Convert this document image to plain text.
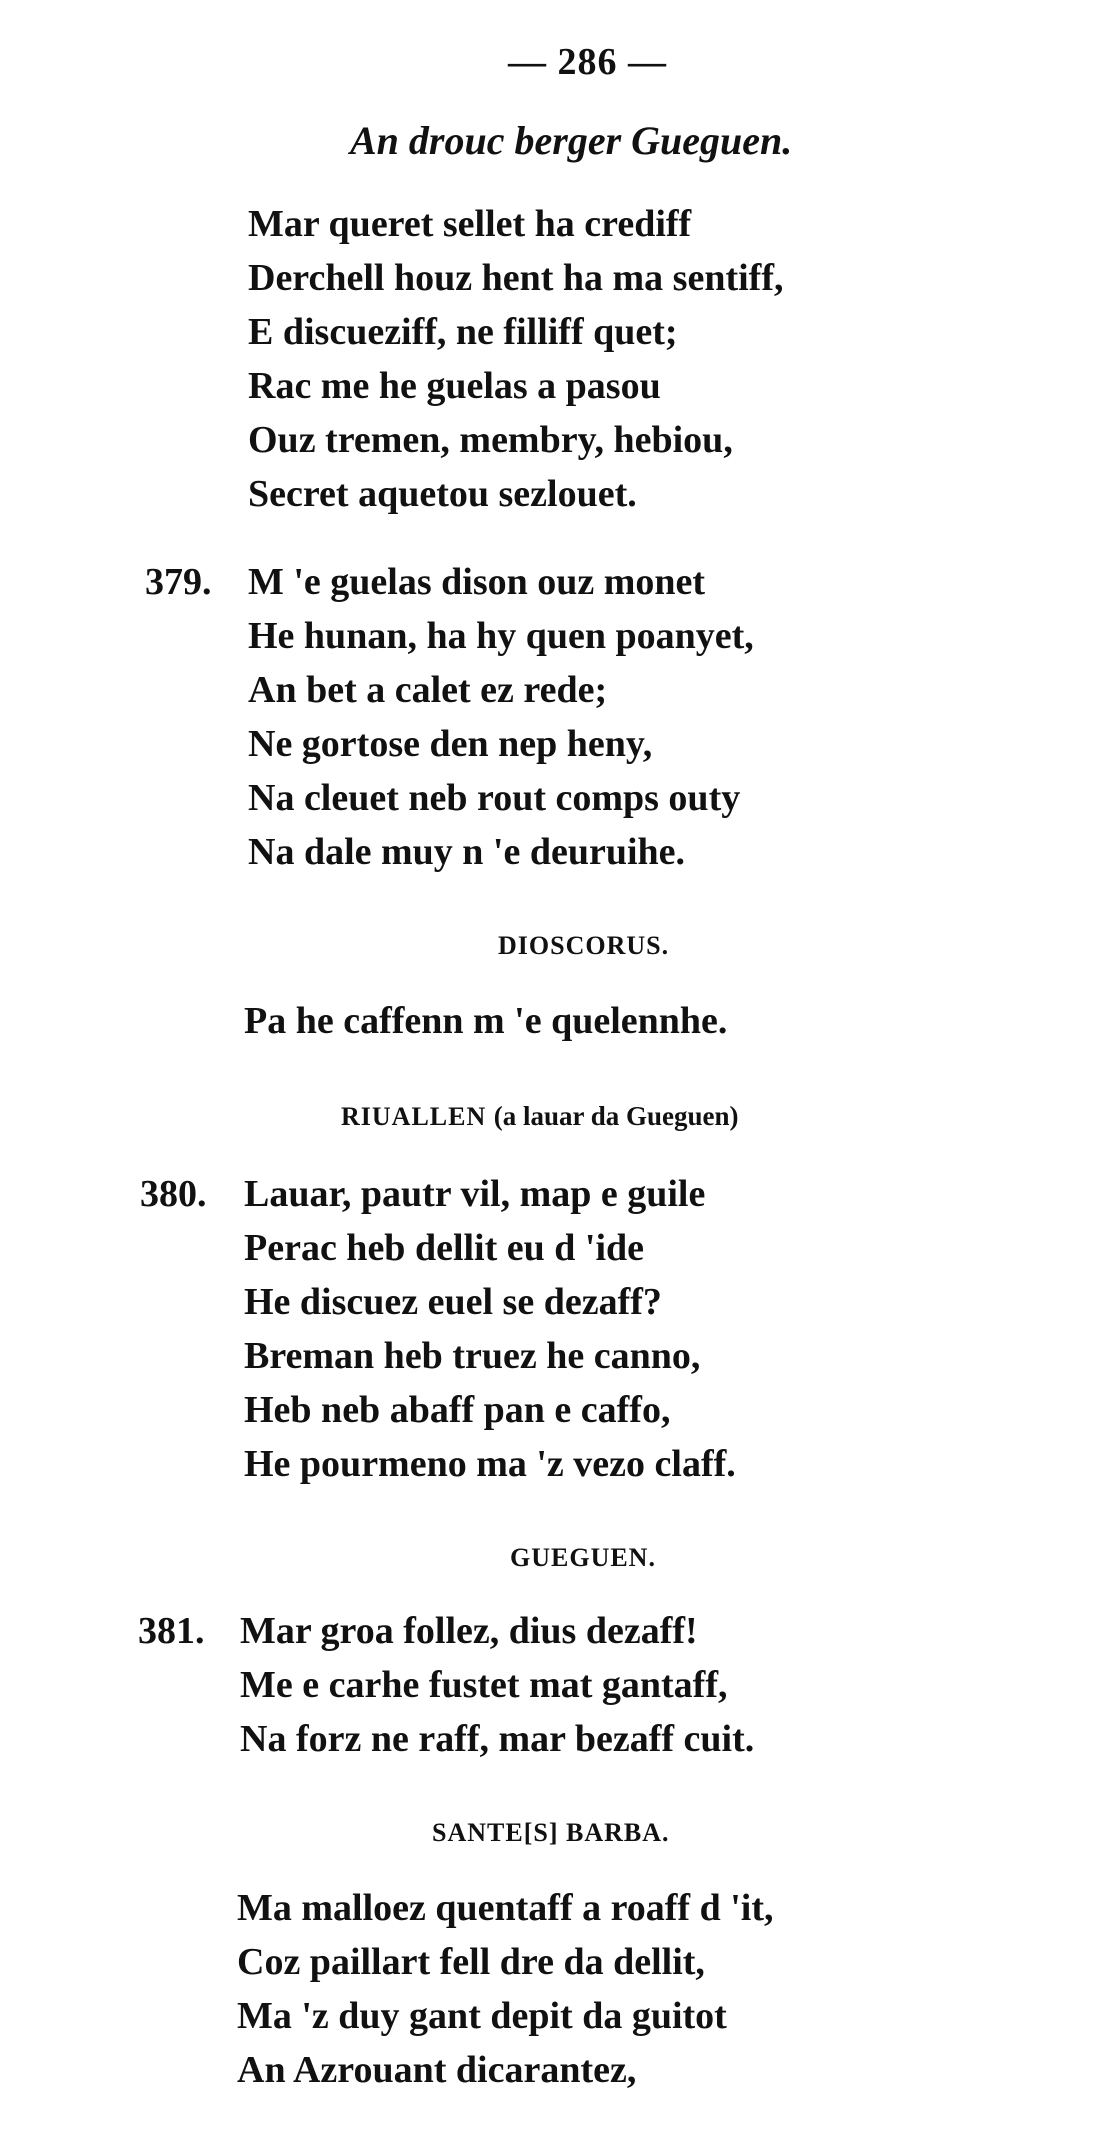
— 286 —
An drouc berger Gueguen.
Mar queret sellet ha crediff
Derchell houz hent ha ma sentiff,
E discueziff, ne filliff quet;
Rac me he guelas a pasou
Ouz tremen, membry, hebiou,
Secret aquetou sezlouet.
379. M 'e guelas dison ouz monet
He hunan, ha hy quen poanyet,
An bet a calet ez rede;
Ne gortose den nep heny,
Na cleuet neb rout comps outy
Na dale muy n 'e deuruihe.
DIOSCORUS.
Pa he caffenn m 'e quelennhe.
RIUALLEN (a lauar da Gueguen)
380. Lauar, pautr vil, map e guile
Perac heb dellit eu d 'ide
He discuez euel se dezaff?
Breman heb truez he canno,
Heb neb abaff pan e caffo,
He pourmeno ma 'z vezo claff.
GUEGUEN.
381. Mar groa follez, dius dezaff!
Me e carhe fustet mat gantaff,
Na forz ne raff, mar bezaff cuit.
SANTE[S] BARBA.
Ma malloez quentaff a roaff d 'it,
Coz paillart fell dre da dellit,
Ma 'z duy gant depit da guitot
An Azrouant dicarantez,
